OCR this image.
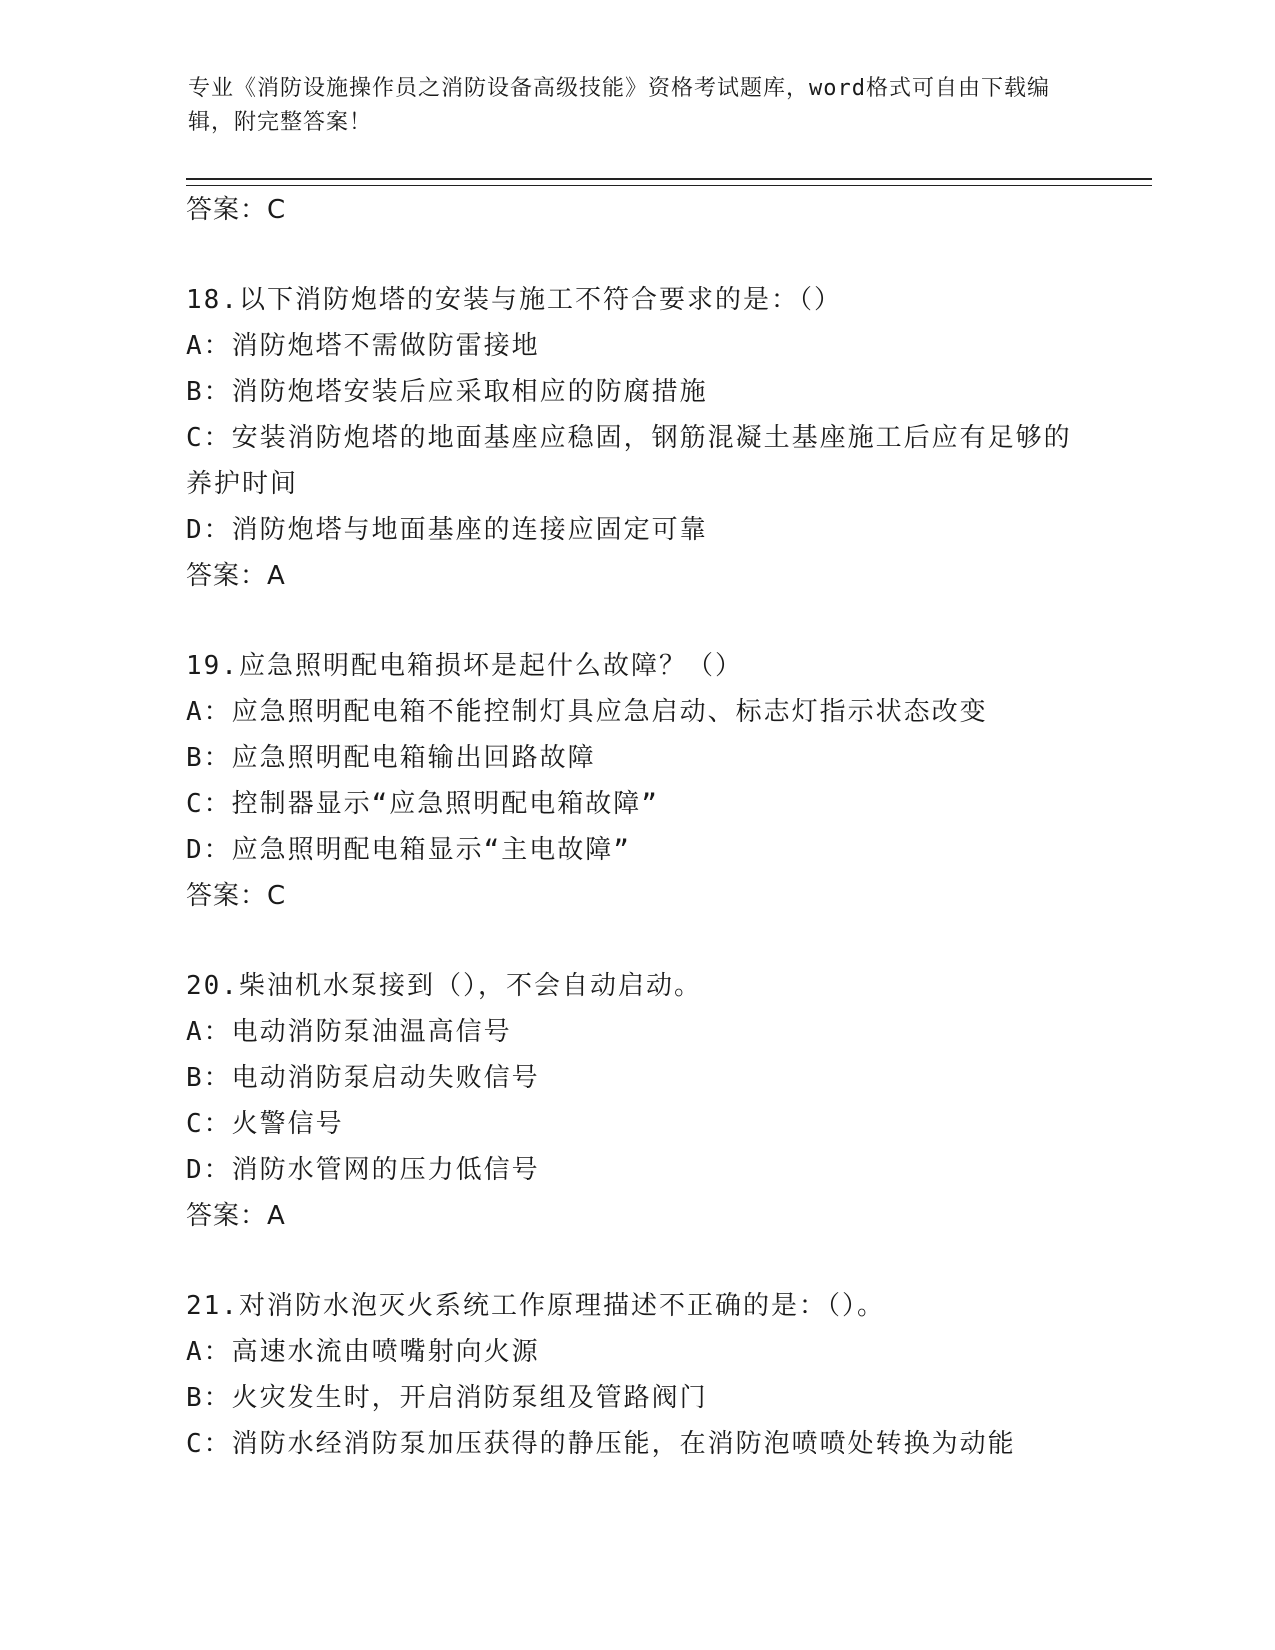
专业《消防设施操作员之消防设备高级技能》资格考试题库，word格式可自由下载编辑，附完整答案！
答案：C
18.以下消防炮塔的安装与施工不符合要求的是：（）
A：消防炮塔不需做防雷接地
B：消防炮塔安装后应采取相应的防腐措施
C：安装消防炮塔的地面基座应稳固，钢筋混凝土基座施工后应有足够的养护时间
D：消防炮塔与地面基座的连接应固定可靠
答案：A
19.应急照明配电箱损坏是起什么故障？（）
A：应急照明配电箱不能控制灯具应急启动、标志灯指示状态改变
B：应急照明配电箱输出回路故障
C：控制器显示“应急照明配电箱故障”
D：应急照明配电箱显示“主电故障”
答案：C
20.柴油机水泵接到（），不会自动启动。
A：电动消防泵油温高信号
B：电动消防泵启动失败信号
C：火警信号
D：消防水管网的压力低信号
答案：A
21.对消防水泡灭火系统工作原理描述不正确的是：（）。
A：高速水流由喷嘴射向火源
B：火灾发生时，开启消防泵组及管路阀门
C：消防水经消防泵加压获得的静压能，在消防泡喷喷处转换为动能
